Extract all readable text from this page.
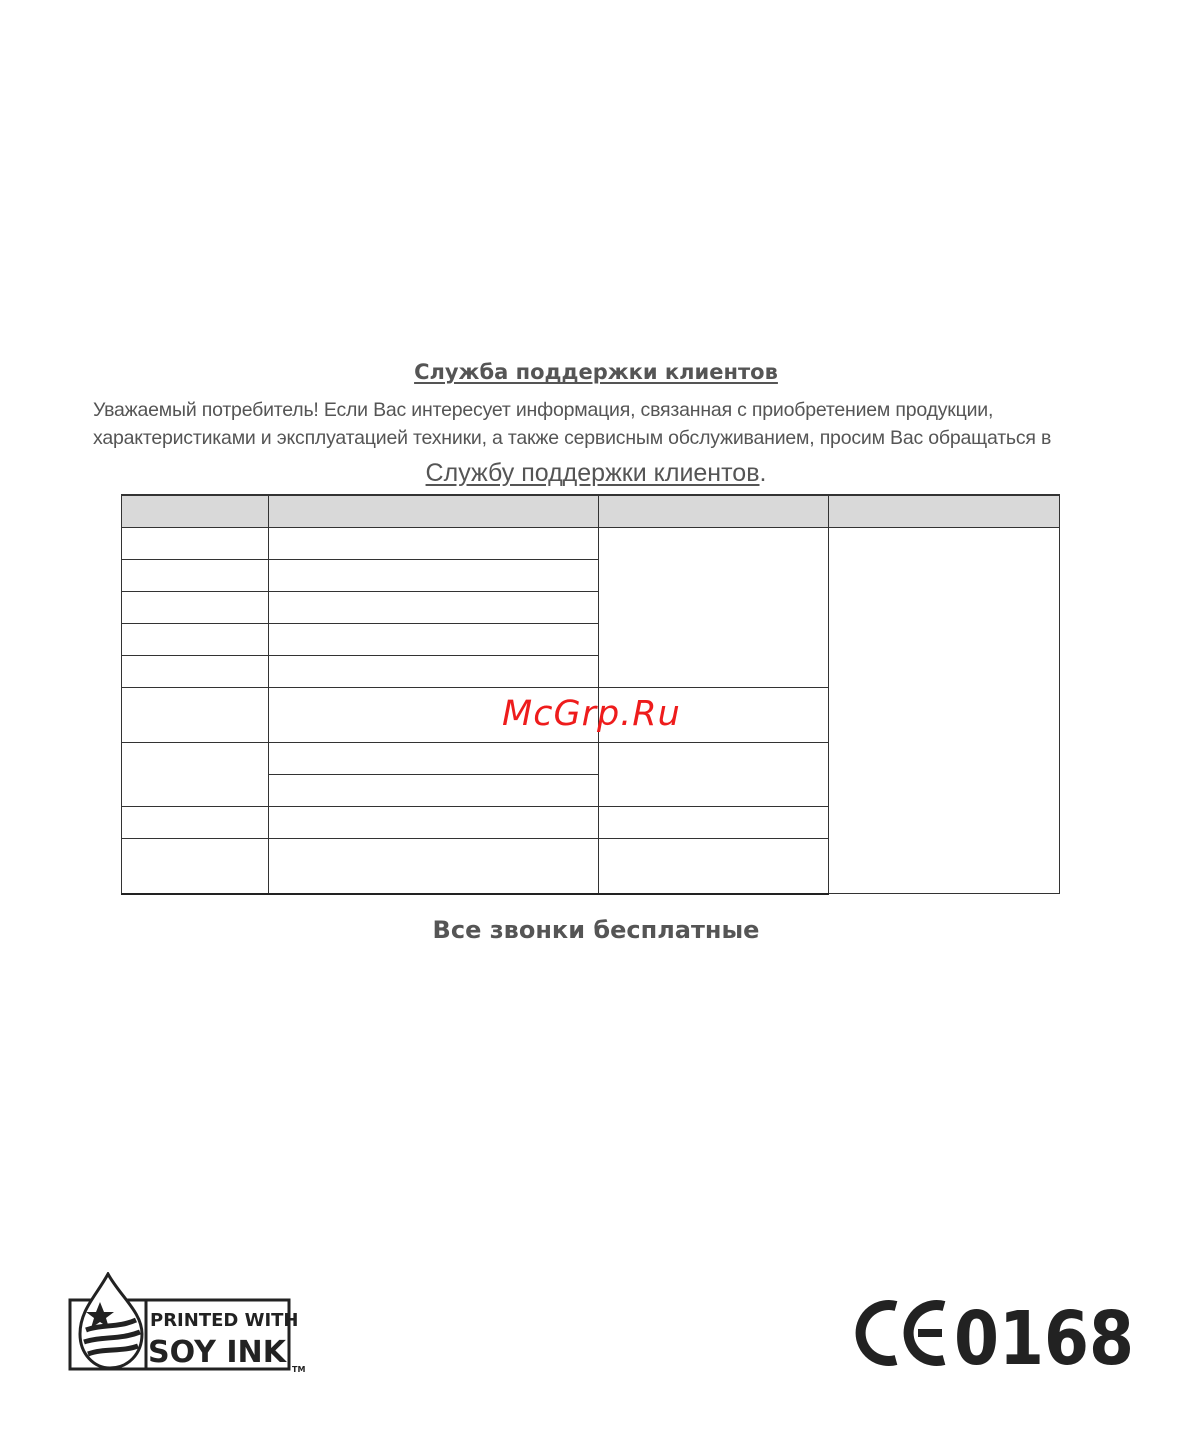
Служба поддержки клиентов
Уважаемый потребитель! Если Вас интересует информация, связанная с приобретением продукции,
характеристиками и эксплуатацией техники, а также сервисным обслуживанием, просим Вас обращаться в
Службу поддержки клиентов.

McGrp.Ru
Все звонки бесплатные
PRINTED WITH
SOY INK TM	0168
